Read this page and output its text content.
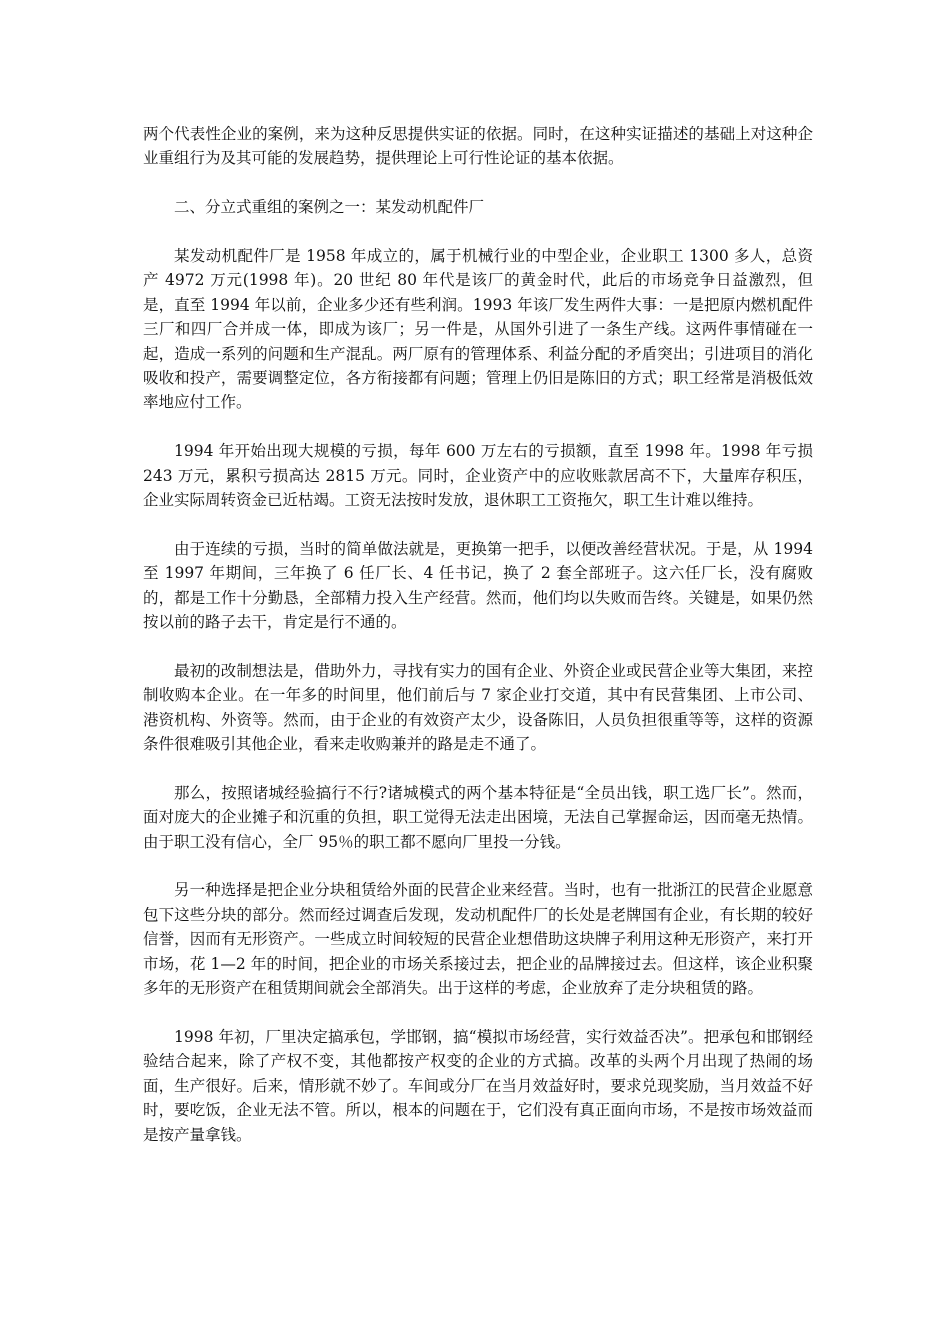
两个代表性企业的案例，来为这种反思提供实证的依据。同时，在这种实证描述的基础上对这种企业重组行为及其可能的发展趋势，提供理论上可行性论证的基本依据。

二、分立式重组的案例之一：某发动机配件厂

某发动机配件厂是 1958 年成立的，属于机械行业的中型企业，企业职工 1300 多人，总资产 4972 万元(1998 年)。20 世纪 80 年代是该厂的黄金时代，此后的市场竞争日益激烈，但是，直至 1994 年以前，企业多少还有些利润。1993 年该厂发生两件大事：一是把原内燃机配件三厂和四厂合并成一体，即成为该厂；另一件是，从国外引进了一条生产线。这两件事情碰在一起，造成一系列的问题和生产混乱。两厂原有的管理体系、利益分配的矛盾突出；引进项目的消化吸收和投产，需要调整定位，各方衔接都有问题；管理上仍旧是陈旧的方式；职工经常是消极低效率地应付工作。

1994 年开始出现大规模的亏损，每年 600 万左右的亏损额，直至 1998 年。1998 年亏损 243 万元，累积亏损高达 2815 万元。同时，企业资产中的应收账款居高不下，大量库存积压，企业实际周转资金已近枯竭。工资无法按时发放，退休职工工资拖欠，职工生计难以维持。

由于连续的亏损，当时的简单做法就是，更换第一把手，以便改善经营状况。于是，从 1994 至 1997 年期间，三年换了 6 任厂长、4 任书记，换了 2 套全部班子。这六任厂长，没有腐败的，都是工作十分勤恳，全部精力投入生产经营。然而，他们均以失败而告终。关键是，如果仍然按以前的路子去干，肯定是行不通的。

最初的改制想法是，借助外力，寻找有实力的国有企业、外资企业或民营企业等大集团，来控制收购本企业。在一年多的时间里，他们前后与 7 家企业打交道，其中有民营集团、上市公司、港资机构、外资等。然而，由于企业的有效资产太少，设备陈旧，人员负担很重等等，这样的资源条件很难吸引其他企业，看来走收购兼并的路是走不通了。

那么，按照诸城经验搞行不行?诸城模式的两个基本特征是“全员出钱，职工选厂长”。然而，面对庞大的企业摊子和沉重的负担，职工觉得无法走出困境，无法自己掌握命运，因而毫无热情。由于职工没有信心，全厂 95％的职工都不愿向厂里投一分钱。

另一种选择是把企业分块租赁给外面的民营企业来经营。当时，也有一批浙江的民营企业愿意包下这些分块的部分。然而经过调查后发现，发动机配件厂的长处是老牌国有企业，有长期的较好信誉，因而有无形资产。一些成立时间较短的民营企业想借助这块牌子利用这种无形资产，来打开市场，花 1—2 年的时间，把企业的市场关系接过去，把企业的品牌接过去。但这样，该企业积聚多年的无形资产在租赁期间就会全部消失。出于这样的考虑，企业放弃了走分块租赁的路。

1998 年初，厂里决定搞承包，学邯钢，搞“模拟市场经营，实行效益否决”。把承包和邯钢经验结合起来，除了产权不变，其他都按产权变的企业的方式搞。改革的头两个月出现了热闹的场面，生产很好。后来，情形就不妙了。车间或分厂在当月效益好时，要求兑现奖励，当月效益不好时，要吃饭，企业无法不管。所以，根本的问题在于，它们没有真正面向市场，不是按市场效益而是按产量拿钱。
